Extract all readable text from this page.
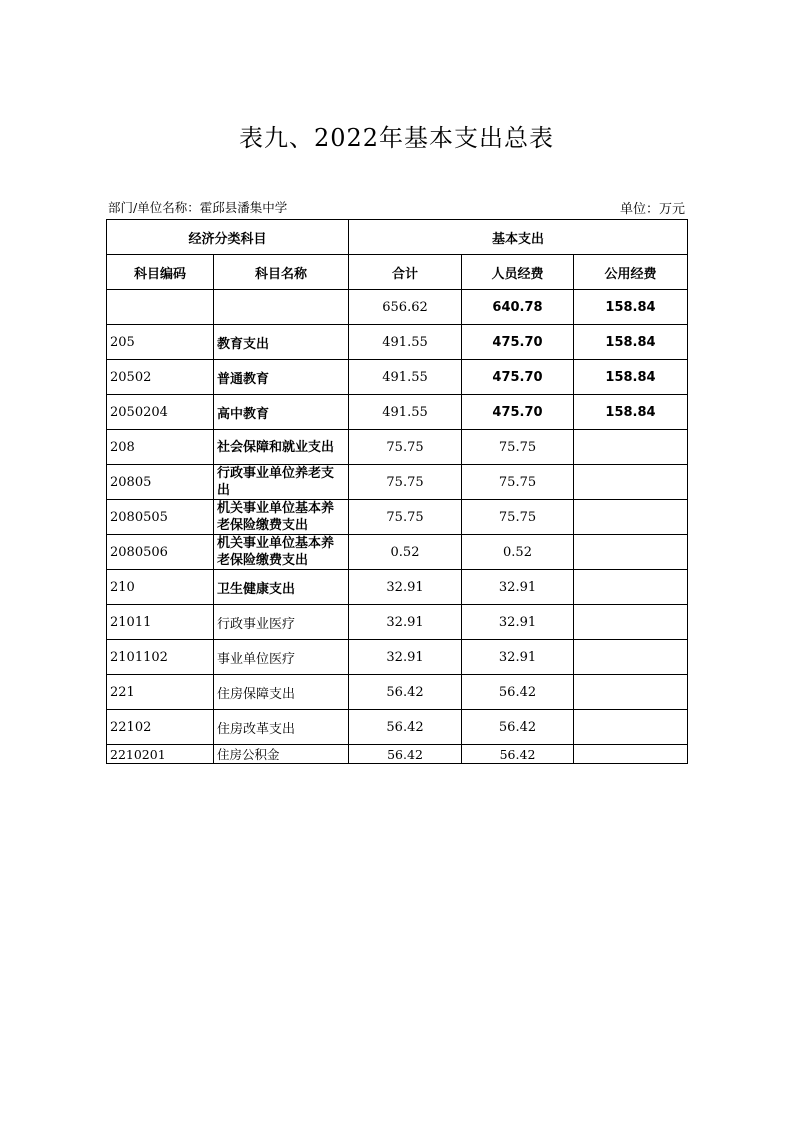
表九、2022年基本支出总表
部门/单位名称：霍邱县潘集中学	单位：万元
经济分类科目		基本支出		
科目编码	科目名称	合计	人员经费	公用经费
		656.62	640.78	158.84
205	教育支出	491.55	475.70	158.84
20502	普通教育	491.55	475.70	158.84
2050204	高中教育	491.55	475.70	158.84
208	社会保障和就业支出	75.75	75.75	
20805	行政事业单位养老支出	75.75	75.75	
2080505	机关事业单位基本养老保险缴费支出	75.75	75.75	
2080506	机关事业单位基本养老保险缴费支出	0.52	0.52	
210	卫生健康支出	32.91	32.91	
21011	行政事业医疗	32.91	32.91	
2101102	事业单位医疗	32.91	32.91	
221	住房保障支出	56.42	56.42	
22102	住房改革支出	56.42	56.42	
2210201	住房公积金	56.42	56.42	
